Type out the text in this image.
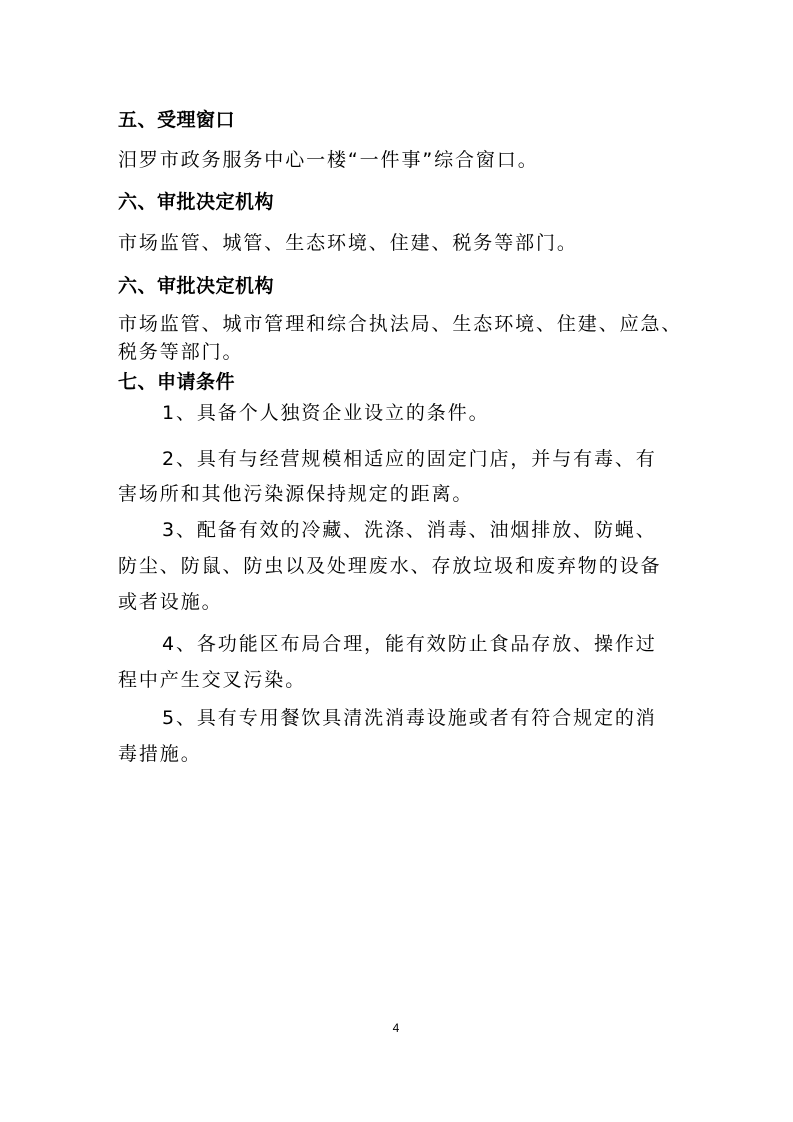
五、受理窗口
汨罗市政务服务中心一楼“一件事”综合窗口。
六、审批决定机构
市场监管、城管、生态环境、住建、税务等部门。
六、审批决定机构
市场监管、城市管理和综合执法局、生态环境、住建、应急、
税务等部门。
七、申请条件
1、具备个人独资企业设立的条件。
2、具有与经营规模相适应的固定门店，并与有毒、有
害场所和其他污染源保持规定的距离。
3、配备有效的冷藏、洗涤、消毒、油烟排放、防蝇、
防尘、防鼠、防虫以及处理废水、存放垃圾和废弃物的设备
或者设施。
4、各功能区布局合理，能有效防止食品存放、操作过
程中产生交叉污染。
5、具有专用餐饮具清洗消毒设施或者有符合规定的消
毒措施。
4
